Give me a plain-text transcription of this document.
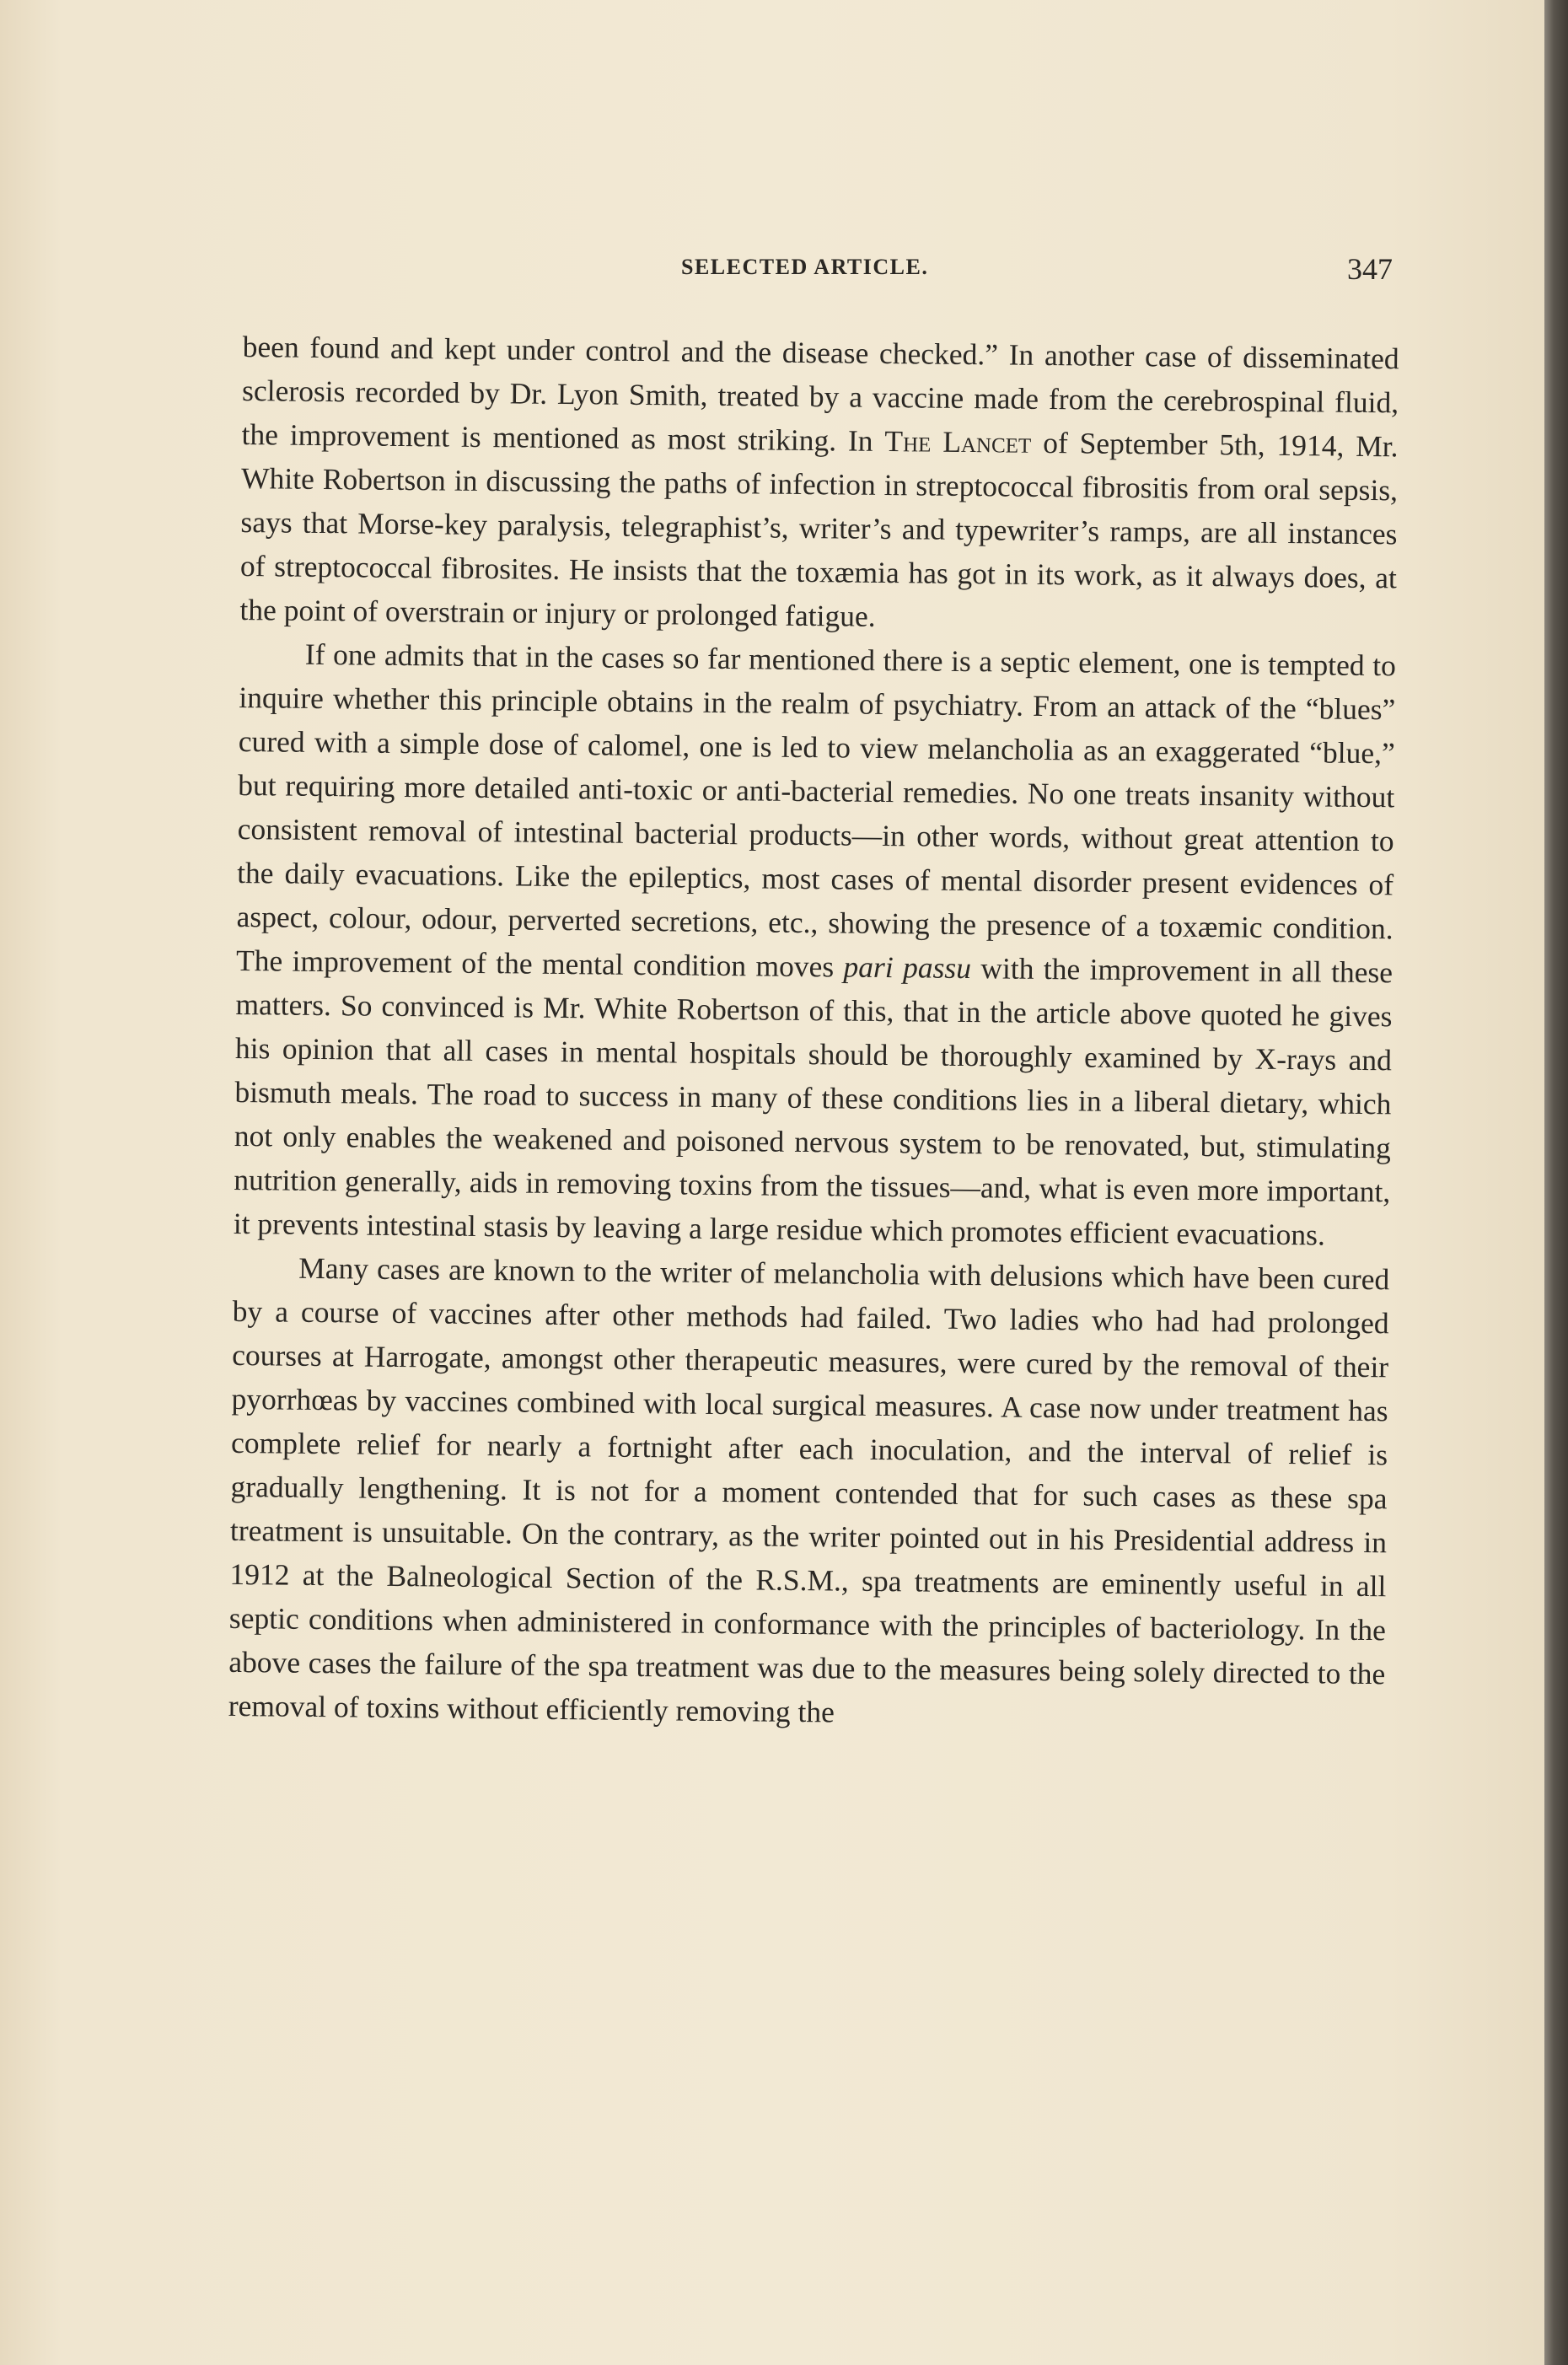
SELECTED ARTICLE.	347

been found and kept under control and the disease checked.” In another case of disseminated sclerosis recorded by Dr. Lyon Smith, treated by a vaccine made from the cerebrospinal fluid, the improvement is mentioned as most striking. In The Lancet of September 5th, 1914, Mr. White Robertson in discussing the paths of infection in streptococcal fibrositis from oral sepsis, says that Morse-key paralysis, telegraphist’s, writer’s and typewriter’s ramps, are all instances of streptococcal fibrosites. He insists that the toxæmia has got in its work, as it always does, at the point of overstrain or injury or prolonged fatigue.

If one admits that in the cases so far mentioned there is a septic element, one is tempted to inquire whether this principle obtains in the realm of psychiatry. From an attack of the “blues” cured with a simple dose of calomel, one is led to view melancholia as an exaggerated “blue,” but requiring more detailed anti-toxic or anti-bacterial remedies. No one treats insanity without consistent removal of intestinal bacterial products—in other words, without great attention to the daily evacuations. Like the epileptics, most cases of mental disorder present evidences of aspect, colour, odour, perverted secretions, etc., showing the presence of a toxæmic condition. The improvement of the mental condition moves pari passu with the improvement in all these matters. So convinced is Mr. White Robertson of this, that in the article above quoted he gives his opinion that all cases in mental hospitals should be thoroughly examined by X-rays and bismuth meals. The road to success in many of these conditions lies in a liberal dietary, which not only enables the weakened and poisoned nervous system to be renovated, but, stimulating nutrition generally, aids in removing toxins from the tissues—and, what is even more important, it prevents intestinal stasis by leaving a large residue which promotes efficient evacuations.

Many cases are known to the writer of melancholia with delusions which have been cured by a course of vaccines after other methods had failed. Two ladies who had had prolonged courses at Harrogate, amongst other therapeutic measures, were cured by the removal of their pyorrhœas by vaccines combined with local surgical measures. A case now under treatment has complete relief for nearly a fortnight after each inoculation, and the interval of relief is gradually lengthening. It is not for a moment contended that for such cases as these spa treatment is unsuitable. On the contrary, as the writer pointed out in his Presidential address in 1912 at the Balneological Section of the R.S.M., spa treatments are eminently useful in all septic conditions when administered in conformance with the principles of bacteriology. In the above cases the failure of the spa treatment was due to the measures being solely directed to the removal of toxins without efficiently removing the
